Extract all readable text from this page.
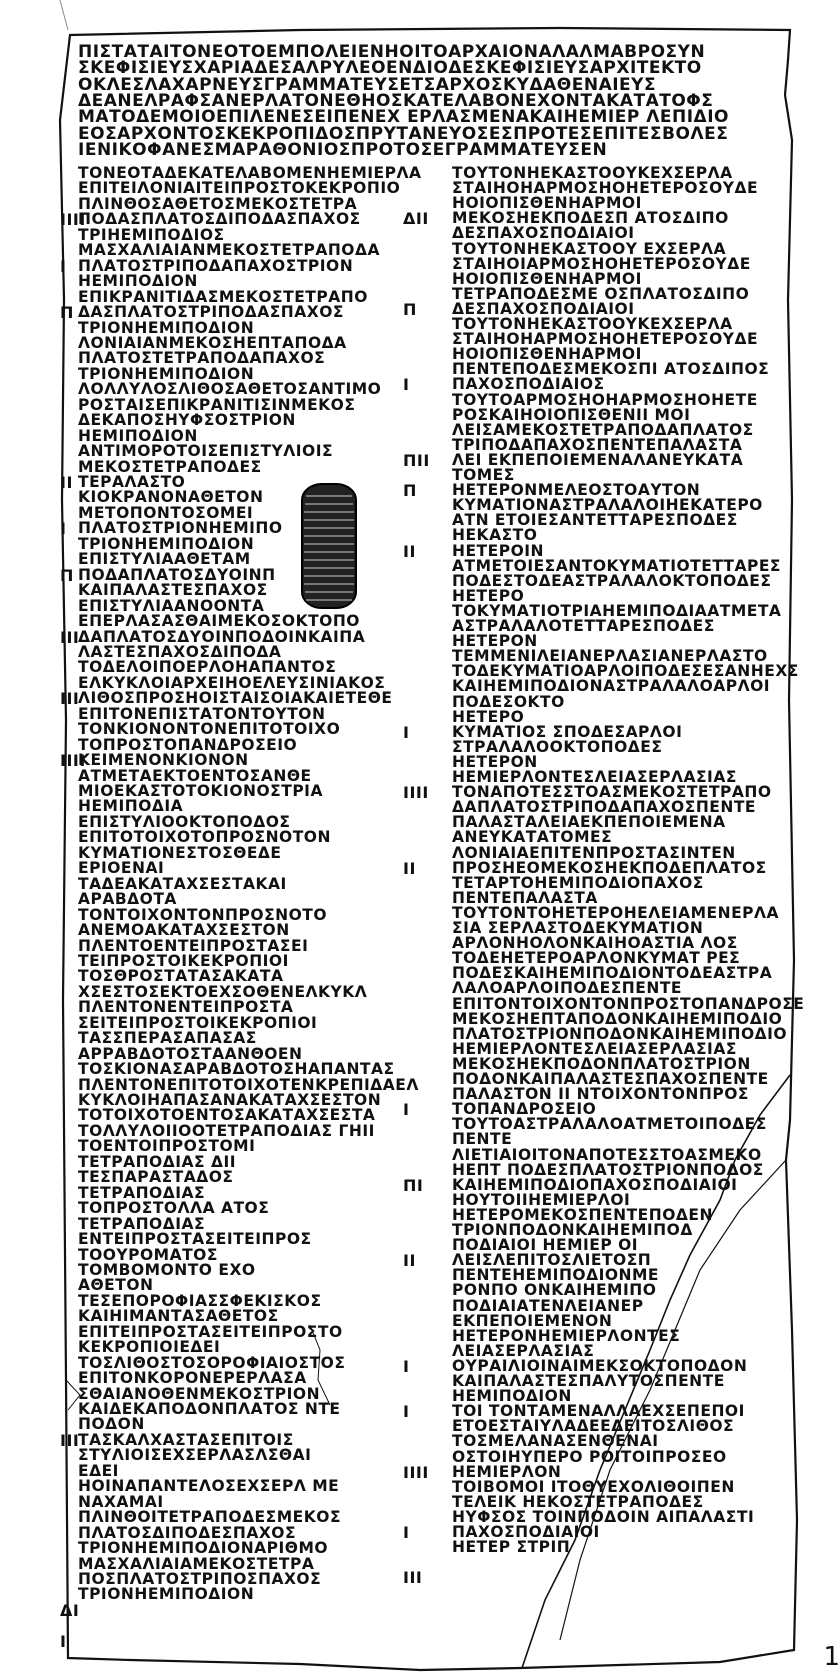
ΠΙΣΤΑΤΑΙΤΟΝΕΟΤΟΕΜΠΟΛΕΙΕΝΗΟΙΤΟΑΡΧΑΙΟΝΑΛΑΛΜΑΒΡΟΣΥΝ
ΣΚΕΦΙΣΙΕΥΣΧΑΡΙΑΔΕΣΑΛΡΥΛΕΟΕΝΔΙΟΔΕΣΚΕΦΙΣΙΕΥΣΑΡΧΙΤΕΚΤΟ
ΟΚΛΕΣΛΑΧΑΡΝΕΥΣΓΡΑΜΜΑΤΕΥΣΕΤΣΑΡΧΟΣΚΥΔΑΘΕΝΑΙΕΥΣ
ΔΕΑΝΕΛΡΑΦΣΑΝΕΡΛΑΤΟΝΕΘΗΟΣΚΑΤΕΛΑΒΟΝΕΧΟΝΤΑΚΑΤΑΤΟΦΣ
ΜΑΤΟΔΕΜΟΙΟΕΠΙΛΕΝΕΣΕΙΠΕΝΕΧ ΕΡΛΑΣΜΕΝΑΚΑΙΗΕΜΙΕΡ ΛΕΠΙΔΙΟ
ΕΟΣΑΡΧΟΝΤΟΣΚΕΚΡΟΠΙΔΟΣΠΡΥΤΑΝΕΥΟΣΕΣΠΡΟΤΕΣΕΠΙΤΕΣΒΟΛΕΣ
ΙΕΝΙΚΟΦΑΝΕΣΜΑΡΑΘΟΝΙΟΣΠΡΟΤΟΣΕΓΡΑΜΜΑΤΕΥΣΕΝ
ΤΟΝΕΟΤΑΔΕΚΑΤΕΛΑΒΟΜΕΝΗΕΜΙΕΡΛΑ
ΕΠΙΤΕΙΛΟΝΙΑΙΤΕΙΠΡΟΣΤΟΚΕΚΡΟΠΙΟ
ΠΛΙΝΘΟΣΑΘΕΤΟΣΜΕΚΟΣΤΕΤΡΑ
ΠΟΔΑΣΠΛΑΤΟΣΔΙΠΟΔΑΣΠΑΧΟΣ
ΤΡΙΗΕΜΙΠΟΔΙΟΣ
ΜΑΣΧΑΛΙΑΙΑΝΜΕΚΟΣΤΕΤΡΑΠΟΔΑ
ΠΛΑΤΟΣΤΡΙΠΟΔΑΠΑΧΟΣΤΡΙΟΝ
ΗΕΜΙΠΟΔΙΟΝ
ΕΠΙΚΡΑΝΙΤΙΔΑΣΜΕΚΟΣΤΕΤΡΑΠΟ
ΔΑΣΠΛΑΤΟΣΤΡΙΠΟΔΑΣΠΑΧΟΣ
ΤΡΙΟΝΗΕΜΙΠΟΔΙΟΝ
ΛΟΝΙΑΙΑΝΜΕΚΟΣΗΕΠΤΑΠΟΔΑ
ΠΛΑΤΟΣΤΕΤΡΑΠΟΔΑΠΑΧΟΣ
ΤΡΙΟΝΗΕΜΙΠΟΔΙΟΝ
ΛΟΛΛΥΛΟΣΛΙΘΟΣΑΘΕΤΟΣΑΝΤΙΜΟ
ΡΟΣΤΑΙΣΕΠΙΚΡΑΝΙΤΙΣΙΝΜΕΚΟΣ
ΔΕΚΑΠΟΣΗΥΦΣΟΣΤΡΙΟΝ
ΗΕΜΙΠΟΔΙΟΝ
ΑΝΤΙΜΟΡΟΤΟΙΣΕΠΙΣΤΥΛΙΟΙΣ
ΜΕΚΟΣΤΕΤΡΑΠΟΔΕΣ
ΤΕΡΑΛΑΣΤΟ
ΚΙΟΚΡΑΝΟΝΑΘΕΤΟΝ
ΜΕΤΟΠΟΝΤΟΣΟΜΕΙ
ΠΛΑΤΟΣΤΡΙΟΝΗΕΜΙΠΟ
ΤΡΙΟΝΗΕΜΙΠΟΔΙΟΝ
ΕΠΙΣΤΥΛΙΑΑΘΕΤΑΜ
ΠΟΔΑΠΛΑΤΟΣΔΥΟΙΝΠ
ΚΑΙΠΑΛΑΣΤΕΣΠΑΧΟΣ
ΕΠΙΣΤΥΛΙΑΑΝΟΟΝΤΑ
ΕΠΕΡΛΑΣΑΣΘΑΙΜΕΚΟΣΟΚΤΟΠΟ
ΔΑΠΛΑΤΟΣΔΥΟΙΝΠΟΔΟΙΝΚΑΙΠΑ
ΛΑΣΤΕΣΠΑΧΟΣΔΙΠΟΔΑ
ΤΟΔΕΛΟΙΠΟΕΡΛΟΗΑΠΑΝΤΟΣ
ΕΛΚΥΚΛΟΙΑΡΧΕΙΗΟΕΛΕΥΣΙΝΙΑΚΟΣ
ΛΙΘΟΣΠΡΟΣΗΟΙΣΤΑΙΣΟΙΑΚΑΙΕΤΕΘΕ
ΕΠΙΤΟΝΕΠΙΣΤΑΤΟΝΤΟΥΤΟΝ
ΤΟΝΚΙΟΝΟΝΤΟΝΕΠΙΤΟΤΟΙΧΟ
ΤΟΠΡΟΣΤΟΠΑΝΔΡΟΣΕΙΟ
ΚΕΙΜΕΝΟΝΚΙΟΝΟΝ
ΑΤΜΕΤΑΕΚΤΟΕΝΤΟΣΑΝΘΕ
ΜΙΟΕΚΑΣΤΟΤΟΚΙΟΝΟΣΤΡΙΑ
ΗΕΜΙΠΟΔΙΑ
ΕΠΙΣΤΥΛΙΟΟΚΤΟΠΟΔΟΣ
ΕΠΙΤΟΤΟΙΧΟΤΟΠΡΟΣΝΟΤΟΝ
ΚΥΜΑΤΙΟΝΕΣΤΟΣΘΕΔΕ
ΕΡΙΟΕΝΑΙ
ΤΑΔΕΑΚΑΤΑΧΣΕΣΤΑΚΑΙ
ΑΡΑΒΔΟΤΑ
ΤΟΝΤΟΙΧΟΝΤΟΝΠΡΟΣΝΟΤΟ
ΑΝΕΜΟΑΚΑΤΑΧΣΕΣΤΟΝ
ΠΛΕΝΤΟΕΝΤΕΙΠΡΟΣΤΑΣΕΙ
ΤΕΙΠΡΟΣΤΟΙΚΕΚΡΟΠΙΟΙ
ΤΟΣΘΡΟΣΤΑΤΑΣΑΚΑΤΑ
ΧΣΕΣΤΟΣΕΚΤΟΕΧΣΟΘΕΝΕΛΚΥΚΛ
ΠΛΕΝΤΟΝΕΝΤΕΙΠΡΟΣΤΑ
ΣΕΙΤΕΙΠΡΟΣΤΟΙΚΕΚΡΟΠΙΟΙ
ΤΑΣΣΠΕΡΑΣΑΠΑΣΑΣ
ΑΡΡΑΒΔΟΤΟΣΤΑΑΝΘΟΕΝ
ΤΟΣΚΙΟΝΑΣΑΡΑΒΔΟΤΟΣΗΑΠΑΝΤΑΣ
ΠΛΕΝΤΟΝΕΠΙΤΟΤΟΙΧΟΤΕΝΚΡΕΠΙΔΑΕΛ
ΚΥΚΛΟΙΗΑΠΑΣΑΝΑΚΑΤΑΧΣΕΣΤΟΝ
ΤΟΤΟΙΧΟΤΟΕΝΤΟΣΑΚΑΤΑΧΣΕΣΤΑ
ΤΟΛΛΥΛΟΙΙΟΟΤΕΤΡΑΠΟΔΙΑΣ ΓΗΙΙ
ΤΟΕΝΤΟΙΠΡΟΣΤΟΜΙ
ΤΕΤΡΑΠΟΔΙΑΣ ΔΙΙ
ΤΕΣΠΑΡΑΣΤΑΔΟΣ
ΤΕΤΡΑΠΟΔΙΑΣ
ΤΟΠΡΟΣΤΟΛΛΑ ΑΤΟΣ
ΤΕΤΡΑΠΟΔΙΑΣ
ΕΝΤΕΙΠΡΟΣΤΑΣΕΙΤΕΙΠΡΟΣ
ΤΟΟΥΡΟΜΑΤΟΣ
ΤΟΜΒΟΜΟΝΤΟ ΕΧΟ
ΑΘΕΤΟΝ
ΤΕΣΕΠΟΡΟΦΙΑΣΣΦΕΚΙΣΚΟΣ
ΚΑΙΗΙΜΑΝΤΑΣΑΘΕΤΟΣ
ΕΠΙΤΕΙΠΡΟΣΤΑΣΕΙΤΕΙΠΡΟΣΤΟ
ΚΕΚΡΟΠΙΟΙΕΔΕΙ
ΤΟΣΛΙΘΟΣΤΟΣΟΡΟΦΙΑΙΟΣΤΟΣ
ΕΠΙΤΟΝΚΟΡΟΝΕΡΕΡΛΑΣΑ
ΣΘΑΙΑΝΟΘΕΝΜΕΚΟΣΤΡΙΟΝ
ΚΑΙΔΕΚΑΠΟΔΟΝΠΛΑΤΟΣ ΝΤΕ
ΠΟΔΟΝ
ΤΑΣΚΑΛΧΑΣΤΑΣΕΠΙΤΟΙΣ
ΣΤΥΛΙΟΙΣΕΧΣΕΡΛΑΣΛΣΘΑΙ
ΕΔΕΙ
ΗΟΙΝΑΠΑΝΤΕΛΟΣΕΧΣΕΡΛ ΜΕ
ΝΑΧΑΜΑΙ
ΠΛΙΝΘΟΙΤΕΤΡΑΠΟΔΕΣΜΕΚΟΣ
ΠΛΑΤΟΣΔΙΠΟΔΕΣΠΑΧΟΣ
ΤΡΙΟΝΗΕΜΙΠΟΔΙΟΝΑΡΙΘΜΟ
ΜΑΣΧΑΛΙΑΙΑΜΕΚΟΣΤΕΤΡΑ
ΠΟΣΠΛΑΤΟΣΤΡΙΠΟΣΠΑΧΟΣ
ΤΡΙΟΝΗΕΜΙΠΟΔΙΟΝ
ΤΟΥΤΟΝΗΕΚΑΣΤΟΟΥΚΕΧΣΕΡΛΑ
ΣΤΑΙΗΟΗΑΡΜΟΣΗΟΗΕΤΕΡΟΣΟΥΔΕ
ΗΟΙΟΠΙΣΘΕΝΗΑΡΜΟΙ
ΜΕΚΟΣΗΕΚΠΟΔΕΣΠ ΑΤΟΣΔΙΠΟ
ΔΕΣΠΑΧΟΣΠΟΔΙΑΙΟΙ
ΤΟΥΤΟΝΗΕΚΑΣΤΟΟΥ ΕΧΣΕΡΛΑ
ΣΤΑΙΗΟΙΑΡΜΟΣΗΟΗΕΤΕΡΟΣΟΥΔΕ
ΗΟΙΟΠΙΣΘΕΝΗΑΡΜΟΙ
ΤΕΤΡΑΠΟΔΕΣΜΕ ΟΣΠΛΑΤΟΣΔΙΠΟ
ΔΕΣΠΑΧΟΣΠΟΔΙΑΙΟΙ
ΤΟΥΤΟΝΗΕΚΑΣΤΟΟΥΚΕΧΣΕΡΛΑ
ΣΤΑΙΗΟΗΑΡΜΟΣΗΟΗΕΤΕΡΟΣΟΥΔΕ
ΗΟΙΟΠΙΣΘΕΝΗΑΡΜΟΙ
ΠΕΝΤΕΠΟΔΕΣΜΕΚΟΣΠΙ ΑΤΟΣΔΙΠΟΣ
ΠΑΧΟΣΠΟΔΙΑΙΟΣ
ΤΟΥΤΟΑΡΜΟΣΗΟΗΑΡΜΟΣΗΟΗΕΤΕ
ΡΟΣΚΑΙΗΟΙΟΠΙΣΘΕΝΙΙ ΜΟΙ
ΛΕΙΣΑΜΕΚΟΣΤΕΤΡΑΠΟΔΑΠΛΑΤΟΣ
ΤΡΙΠΟΔΑΠΑΧΟΣΠΕΝΤΕΠΑΛΑΣΤΑ
ΛΕΙ ΕΚΠΕΠΟΙΕΜΕΝΑΛΑΝΕΥΚΑΤΑ
ΤΟΜΕΣ
ΗΕΤΕΡΟΝΜΕΛΕΟΣΤΟΑΥΤΟΝ
ΚΥΜΑΤΙΟΝΑΣΤΡΑΛΑΛΟΙΗΕΚΑΤΕΡΟ
ΑΤΝ ΕΤΟΙΕΣΑΝΤΕΤΤΑΡΕΣΠΟΔΕΣ
ΗΕΚΑΣΤΟ
ΗΕΤΕΡΟΙΝ
ΑΤΜΕΤΟΙΕΣΑΝΤΟΚΥΜΑΤΙΟΤΕΤΤΑΡΕΣ
ΠΟΔΕΣΤΟΔΕΑΣΤΡΑΛΑΛΟΚΤΟΠΟΔΕΣ
ΗΕΤΕΡΟ
ΤΟΚΥΜΑΤΙΟΤΡΙΑΗΕΜΙΠΟΔΙΑΑΤΜΕΤΑ
ΑΣΤΡΑΛΑΛΟΤΕΤΤΑΡΕΣΠΟΔΕΣ
ΗΕΤΕΡΟΝ
ΤΕΜΜΕΝΙΛΕΙΑΝΕΡΛΑΣΙΑΝΕΡΛΑΣΤΟ
ΤΟΔΕΚΥΜΑΤΙΟΑΡΛΟΙΠΟΔΕΣΕΣΑΝΗΕΧΣ
ΚΑΙΗΕΜΙΠΟΔΙΟΝΑΣΤΡΑΛΑΛΟΑΡΛΟΙ
ΠΟΔΕΣΟΚΤΟ
ΗΕΤΕΡΟ
ΚΥΜΑΤΙΟΣ ΣΠΟΔΕΣΑΡΛΟΙ
ΣΤΡΑΛΑΛΟΟΚΤΟΠΟΔΕΣ
ΗΕΤΕΡΟΝ
ΗΕΜΙΕΡΛΟΝΤΕΣΛΕΙΑΣΕΡΛΑΣΙΑΣ
ΤΟΝΑΠΟΤΕΣΣΤΟΑΣΜΕΚΟΣΤΕΤΡΑΠΟ
ΔΑΠΛΑΤΟΣΤΡΙΠΟΔΑΠΑΧΟΣΠΕΝΤΕ
ΠΑΛΑΣΤΑΛΕΙΑΕΚΠΕΠΟΙΕΜΕΝΑ
ΑΝΕΥΚΑΤΑΤΟΜΕΣ
ΛΟΝΙΑΙΑΕΠΙΤΕΝΠΡΟΣΤΑΣΙΝΤΕΝ
ΠΡΟΣΗΕΟΜΕΚΟΣΗΕΚΠΟΔΕΠΛΑΤΟΣ
ΤΕΤΑΡΤΟΗΕΜΙΠΟΔΙΟΠΑΧΟΣ
ΠΕΝΤΕΠΑΛΑΣΤΑ
ΤΟΥΤΟΝΤΟΗΕΤΕΡΟΗΕΛΕΙΑΜΕΝΕΡΛΑ
ΣΙΑ ΣΕΡΛΑΣΤΟΔΕΚΥΜΑΤΙΟΝ
ΑΡΛΟΝΗΟΛΟΝΚΑΙΗΟΑΣΤΙΑ ΛΟΣ
ΤΟΔΕΗΕΤΕΡΟΑΡΛΟΝΚΥΜΑΤ ΡΕΣ
ΠΟΔΕΣΚΑΙΗΕΜΙΠΟΔΙΟΝΤΟΔΕΑΣΤΡΑ
ΛΑΛΟΑΡΛΟΙΠΟΔΕΣΠΕΝΤΕ
ΕΠΙΤΟΝΤΟΙΧΟΝΤΟΝΠΡΟΣΤΟΠΑΝΔΡΟΣΕ
ΜΕΚΟΣΗΕΠΤΑΠΟΔΟΝΚΑΙΗΕΜΙΠΟΔΙΟ
ΠΛΑΤΟΣΤΡΙΟΝΠΟΔΟΝΚΑΙΗΕΜΙΠΟΔΙΟ
ΗΕΜΙΕΡΛΟΝΤΕΣΛΕΙΑΣΕΡΛΑΣΙΑΣ
ΜΕΚΟΣΗΕΚΠΟΔΟΝΠΛΑΤΟΣΤΡΙΟΝ
ΠΟΔΟΝΚΑΙΠΑΛΑΣΤΕΣΠΑΧΟΣΠΕΝΤΕ
ΠΑΛΑΣΤΟΝ ΙΙ ΝΤΟΙΧΟΝΤΟΝΠΡΟΣ
ΤΟΠΑΝΔΡΟΣΕΙΟ
ΤΟΥΤΟΑΣΤΡΑΛΑΛΟΑΤΜΕΤΟΙΠΟΔΕΣ
ΠΕΝΤΕ
ΛΙΕΤΙΑΙΟΙΤΟΝΑΠΟΤΕΣΣΤΟΑΣΜΕΚΟ
ΗΕΠΤ ΠΟΔΕΣΠΛΑΤΟΣΤΡΙΟΝΠΟΔΟΣ
ΚΑΙΗΕΜΙΠΟΔΙΟΠΑΧΟΣΠΟΔΙΑΙΟΙ
ΗΟΥΤΟΙΙΗΕΜΙΕΡΛΟΙ
ΗΕΤΕΡΟΜΕΚΟΣΠΕΝΤΕΠΟΔΕΝ
ΤΡΙΟΝΠΟΔΟΝΚΑΙΗΕΜΙΠΟΔ
ΠΟΔΙΑΙΟΙ ΗΕΜΙΕΡ ΟΙ
ΛΕΙΣΛΕΠΙΤΟΣΛΙΕΤΟΣΠ
ΠΕΝΤΕΗΕΜΙΠΟΔΙΟΝΜΕ
ΡΟΝΠΟ ΟΝΚΑΙΗΕΜΙΠΟ
ΠΟΔΙΑΙΑΤΕΝΛΕΙΑΝΕΡ
ΕΚΠΕΠΟΙΕΜΕΝΟΝ
ΗΕΤΕΡΟΝΗΕΜΙΕΡΛΟΝΤΕΣ
ΛΕΙΑΣΕΡΛΑΣΙΑΣ
ΟΥΡΑΙΛΙΟΙΝΑΙΜΕΚΣΟΚΤΟΠΟΔΟΝ
ΚΑΙΠΑΛΑΣΤΕΣΠΑΛΥΤΟΣΠΕΝΤΕ
ΗΕΜΙΠΟΔΙΟΝ
ΤΟΙ ΤΟΝΤΑΜΕΝΑΛΛΑΕΧΣΕΠΕΠΟΙ
ΕΤΟΕΣΤΑΙΥΛΑΔΕΕΔΕΙΤΟΣΛΙΘΟΣ
ΤΟΣΜΕΛΑΝΑΣΕΝΘΕΝΑΙ
ΟΣΤΟΙΗΥΠΕΡΟ ΡΟΙΤΟΙΠΡΟΣΕΟ
ΗΕΜΙΕΡΛΟΝ
ΤΟΙΒΟΜΟΙ ΙΤΟΘΥΕΧΟΛΙΘΟΙΠΕΝ
ΤΕΛΕΙΚ ΗΕΚΟΣΤΕΤΡΑΠΟΔΕΣ
ΗΥΦΣΟΣ ΤΟΙΝΠΟΔΟΙΝ ΑΙΠΑΛΑΣΤΙ
ΠΑΧΟΣΠΟΔΙΑΙΟΙ
ΗΕΤΕΡ ΣΤΡΙΠ
ΙΙΙΙ
Ι
Π
ΙΙ
Ι
Π
ΙΙΙ
ΙΙΙ
ΙΙΙΙ
ΙΙΙ
ΔΙ
Ι
ΔΙΙ
Π
Ι
ΠΙΙ
Π
ΙΙ
Ι
ΙΙΙΙ
ΙΙ
Ι
ΠΙ
ΙΙ
Ι
Ι
ΙΙΙΙ
Ι
ΙΙΙ
1
